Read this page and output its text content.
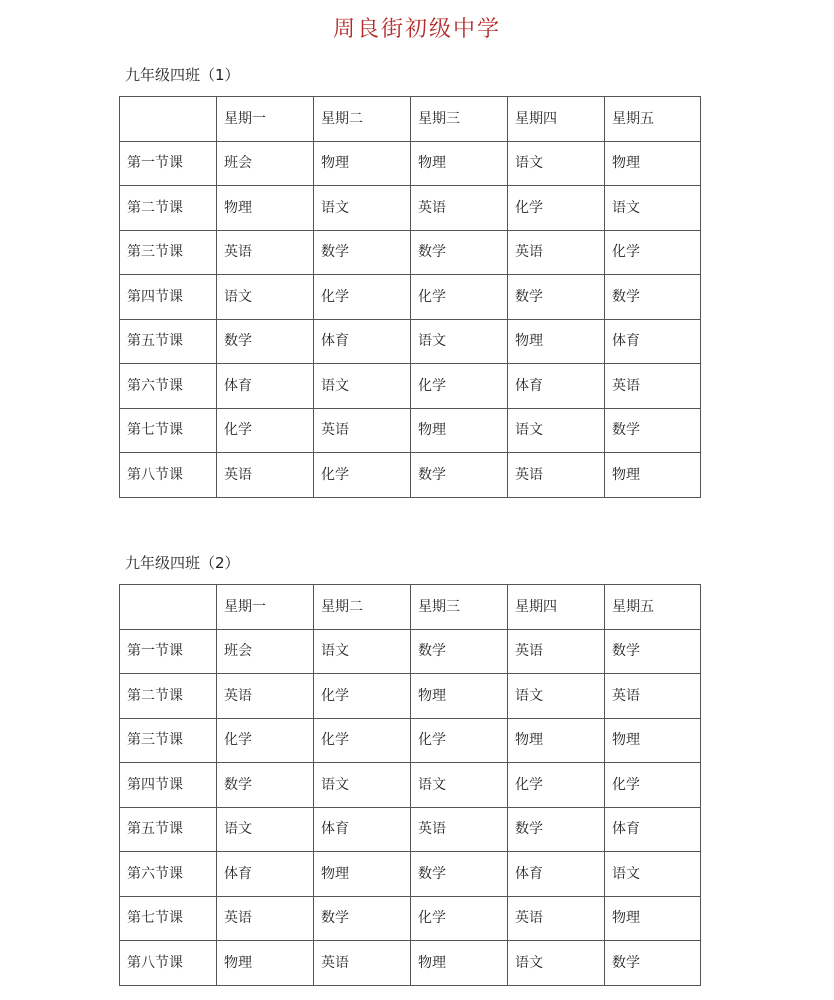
周良街初级中学
九年级四班（1）
	星期一	星期二	星期三	星期四	星期五
第一节课	班会	物理	物理	语文	物理
第二节课	物理	语文	英语	化学	语文
第三节课	英语	数学	数学	英语	化学
第四节课	语文	化学	化学	数学	数学
第五节课	数学	体育	语文	物理	体育
第六节课	体育	语文	化学	体育	英语
第七节课	化学	英语	物理	语文	数学
第八节课	英语	化学	数学	英语	物理
九年级四班（2）
	星期一	星期二	星期三	星期四	星期五
第一节课	班会	语文	数学	英语	数学
第二节课	英语	化学	物理	语文	英语
第三节课	化学	化学	化学	物理	物理
第四节课	数学	语文	语文	化学	化学
第五节课	语文	体育	英语	数学	体育
第六节课	体育	物理	数学	体育	语文
第七节课	英语	数学	化学	英语	物理
第八节课	物理	英语	物理	语文	数学
